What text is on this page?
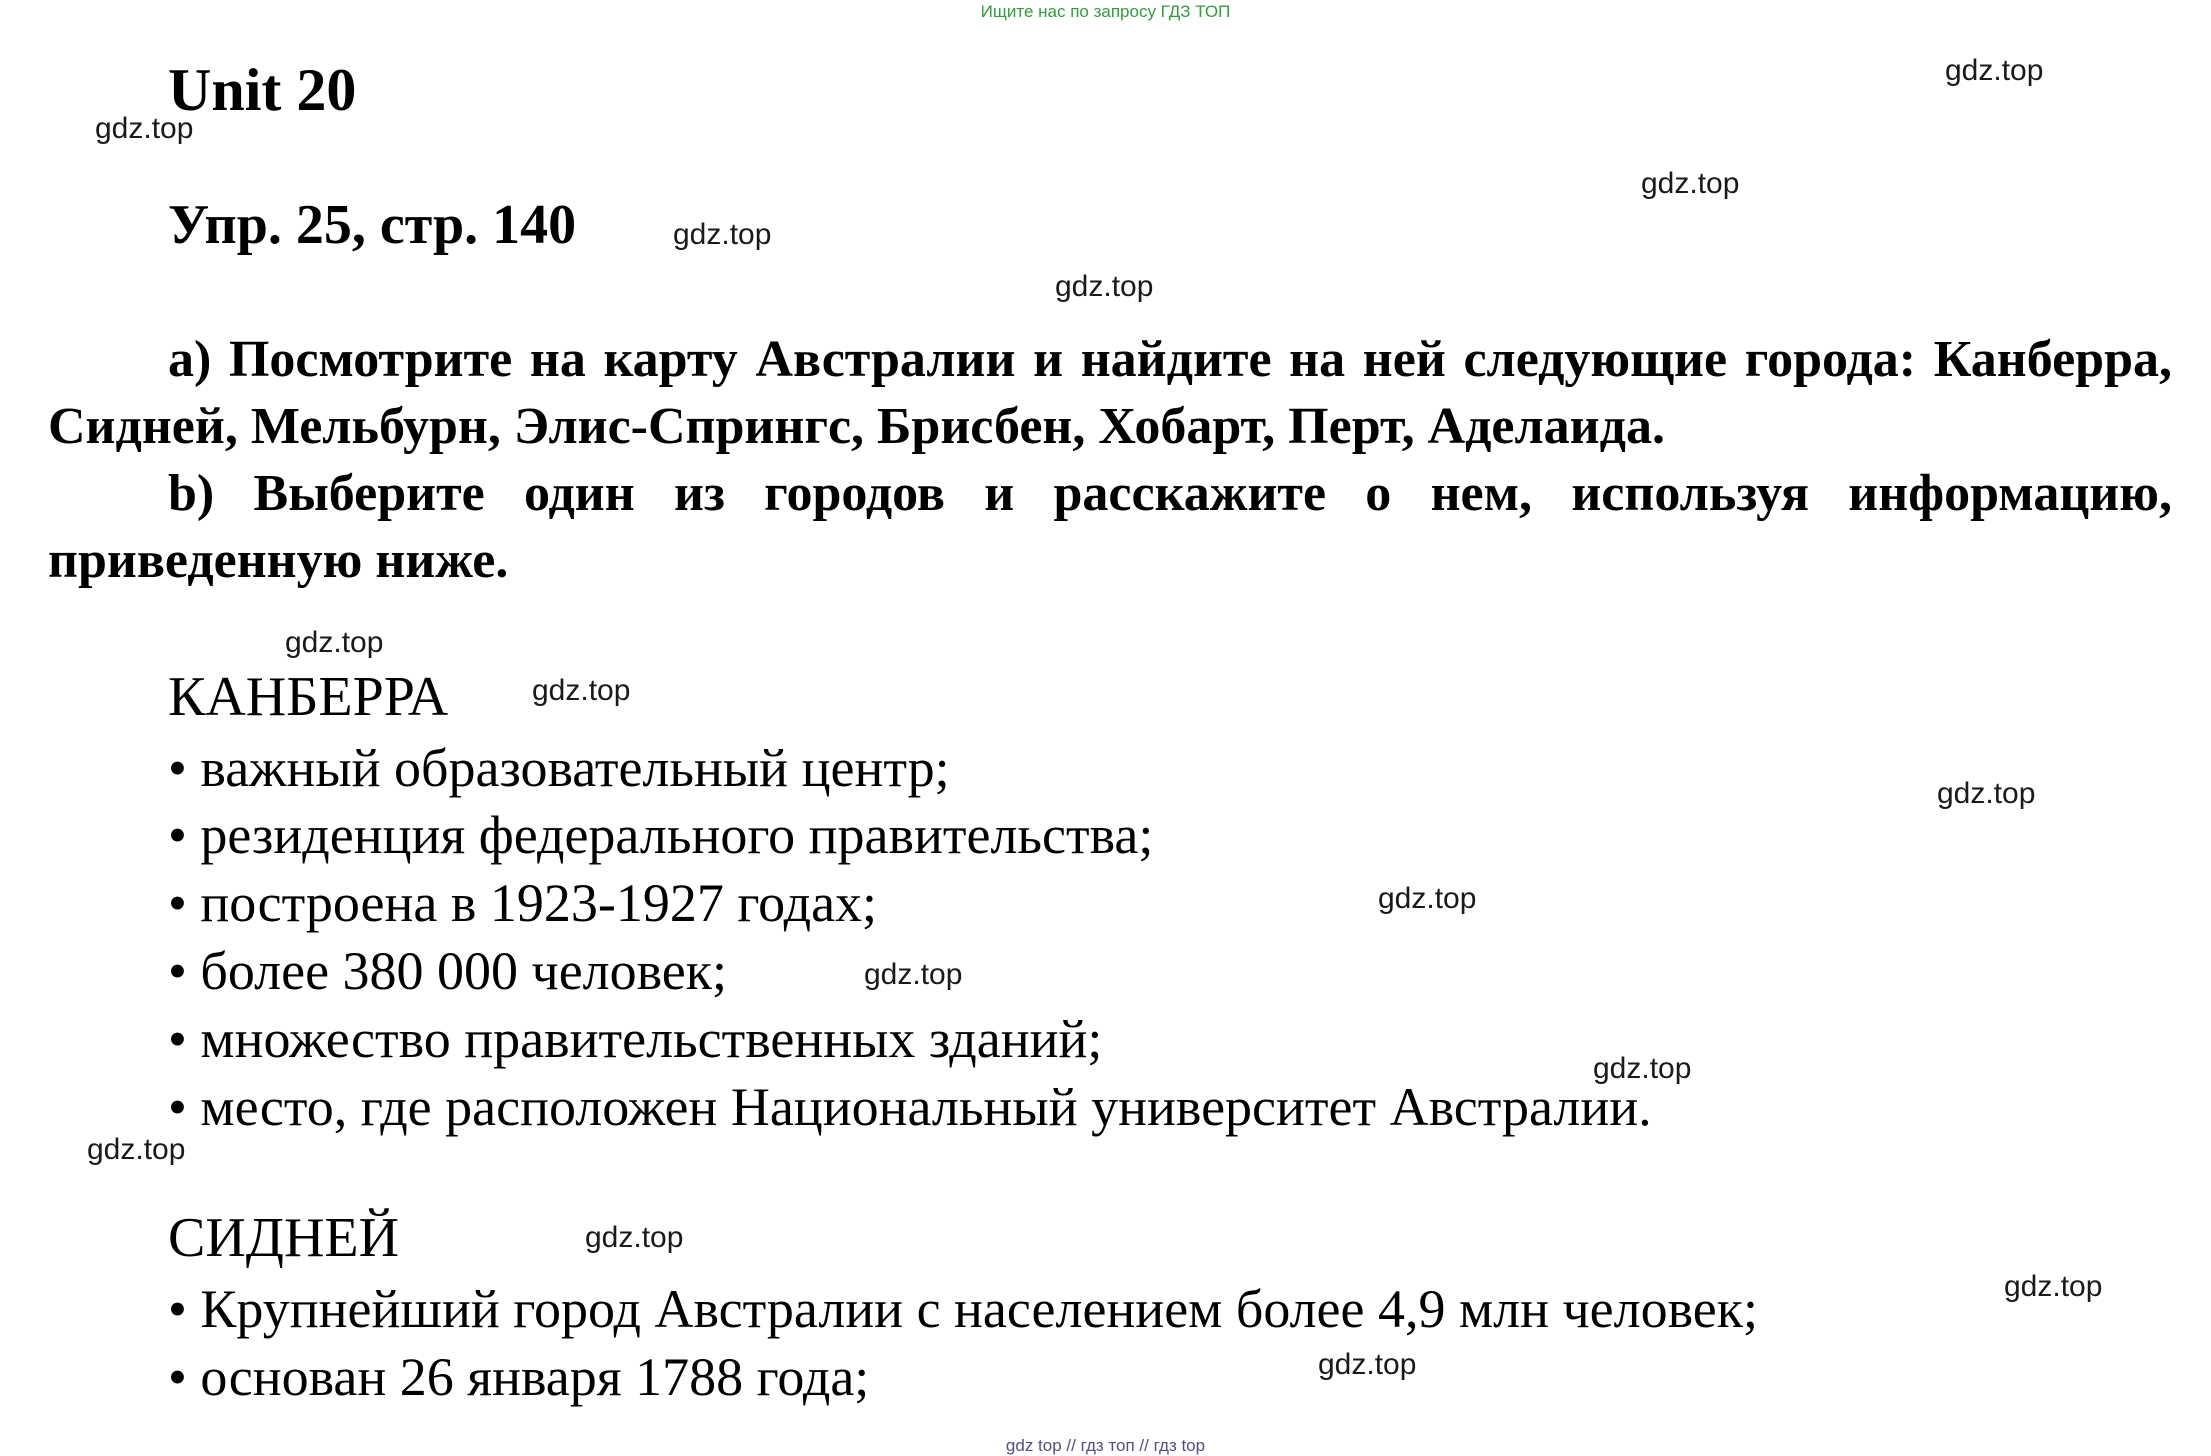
Ищите нас по запросу ГДЗ ТОП
Unit 20
Упр. 25, стр. 140

a) Посмотрите на карту Австралии и найдите на ней следующие города: Канберра, Сидней, Мельбурн, Элис-Спрингс, Брисбен, Хобарт, Перт, Аделаида.

b) Выберите один из городов и расскажите о нем, используя информацию, приведенную ниже.

КАНБЕРРА
• важный образовательный центр;
• резиденция федерального правительства;
• построена в 1923-1927 годах;
• более 380 000 человек;
• множество правительственных зданий;
• место, где расположен Национальный университет Австралии.
СИДНЕЙ
• Крупнейший город Австралии с населением более 4,9 млн человек;
• основан 26 января 1788 года;
gdz.top
gdz.top
gdz.top
gdz.top
gdz.top
gdz.top
gdz.top
gdz.top
gdz.top
gdz.top
gdz.top
gdz.top
gdz.top
gdz.top
gdz.top
gdz top // гдз топ // гдз top
